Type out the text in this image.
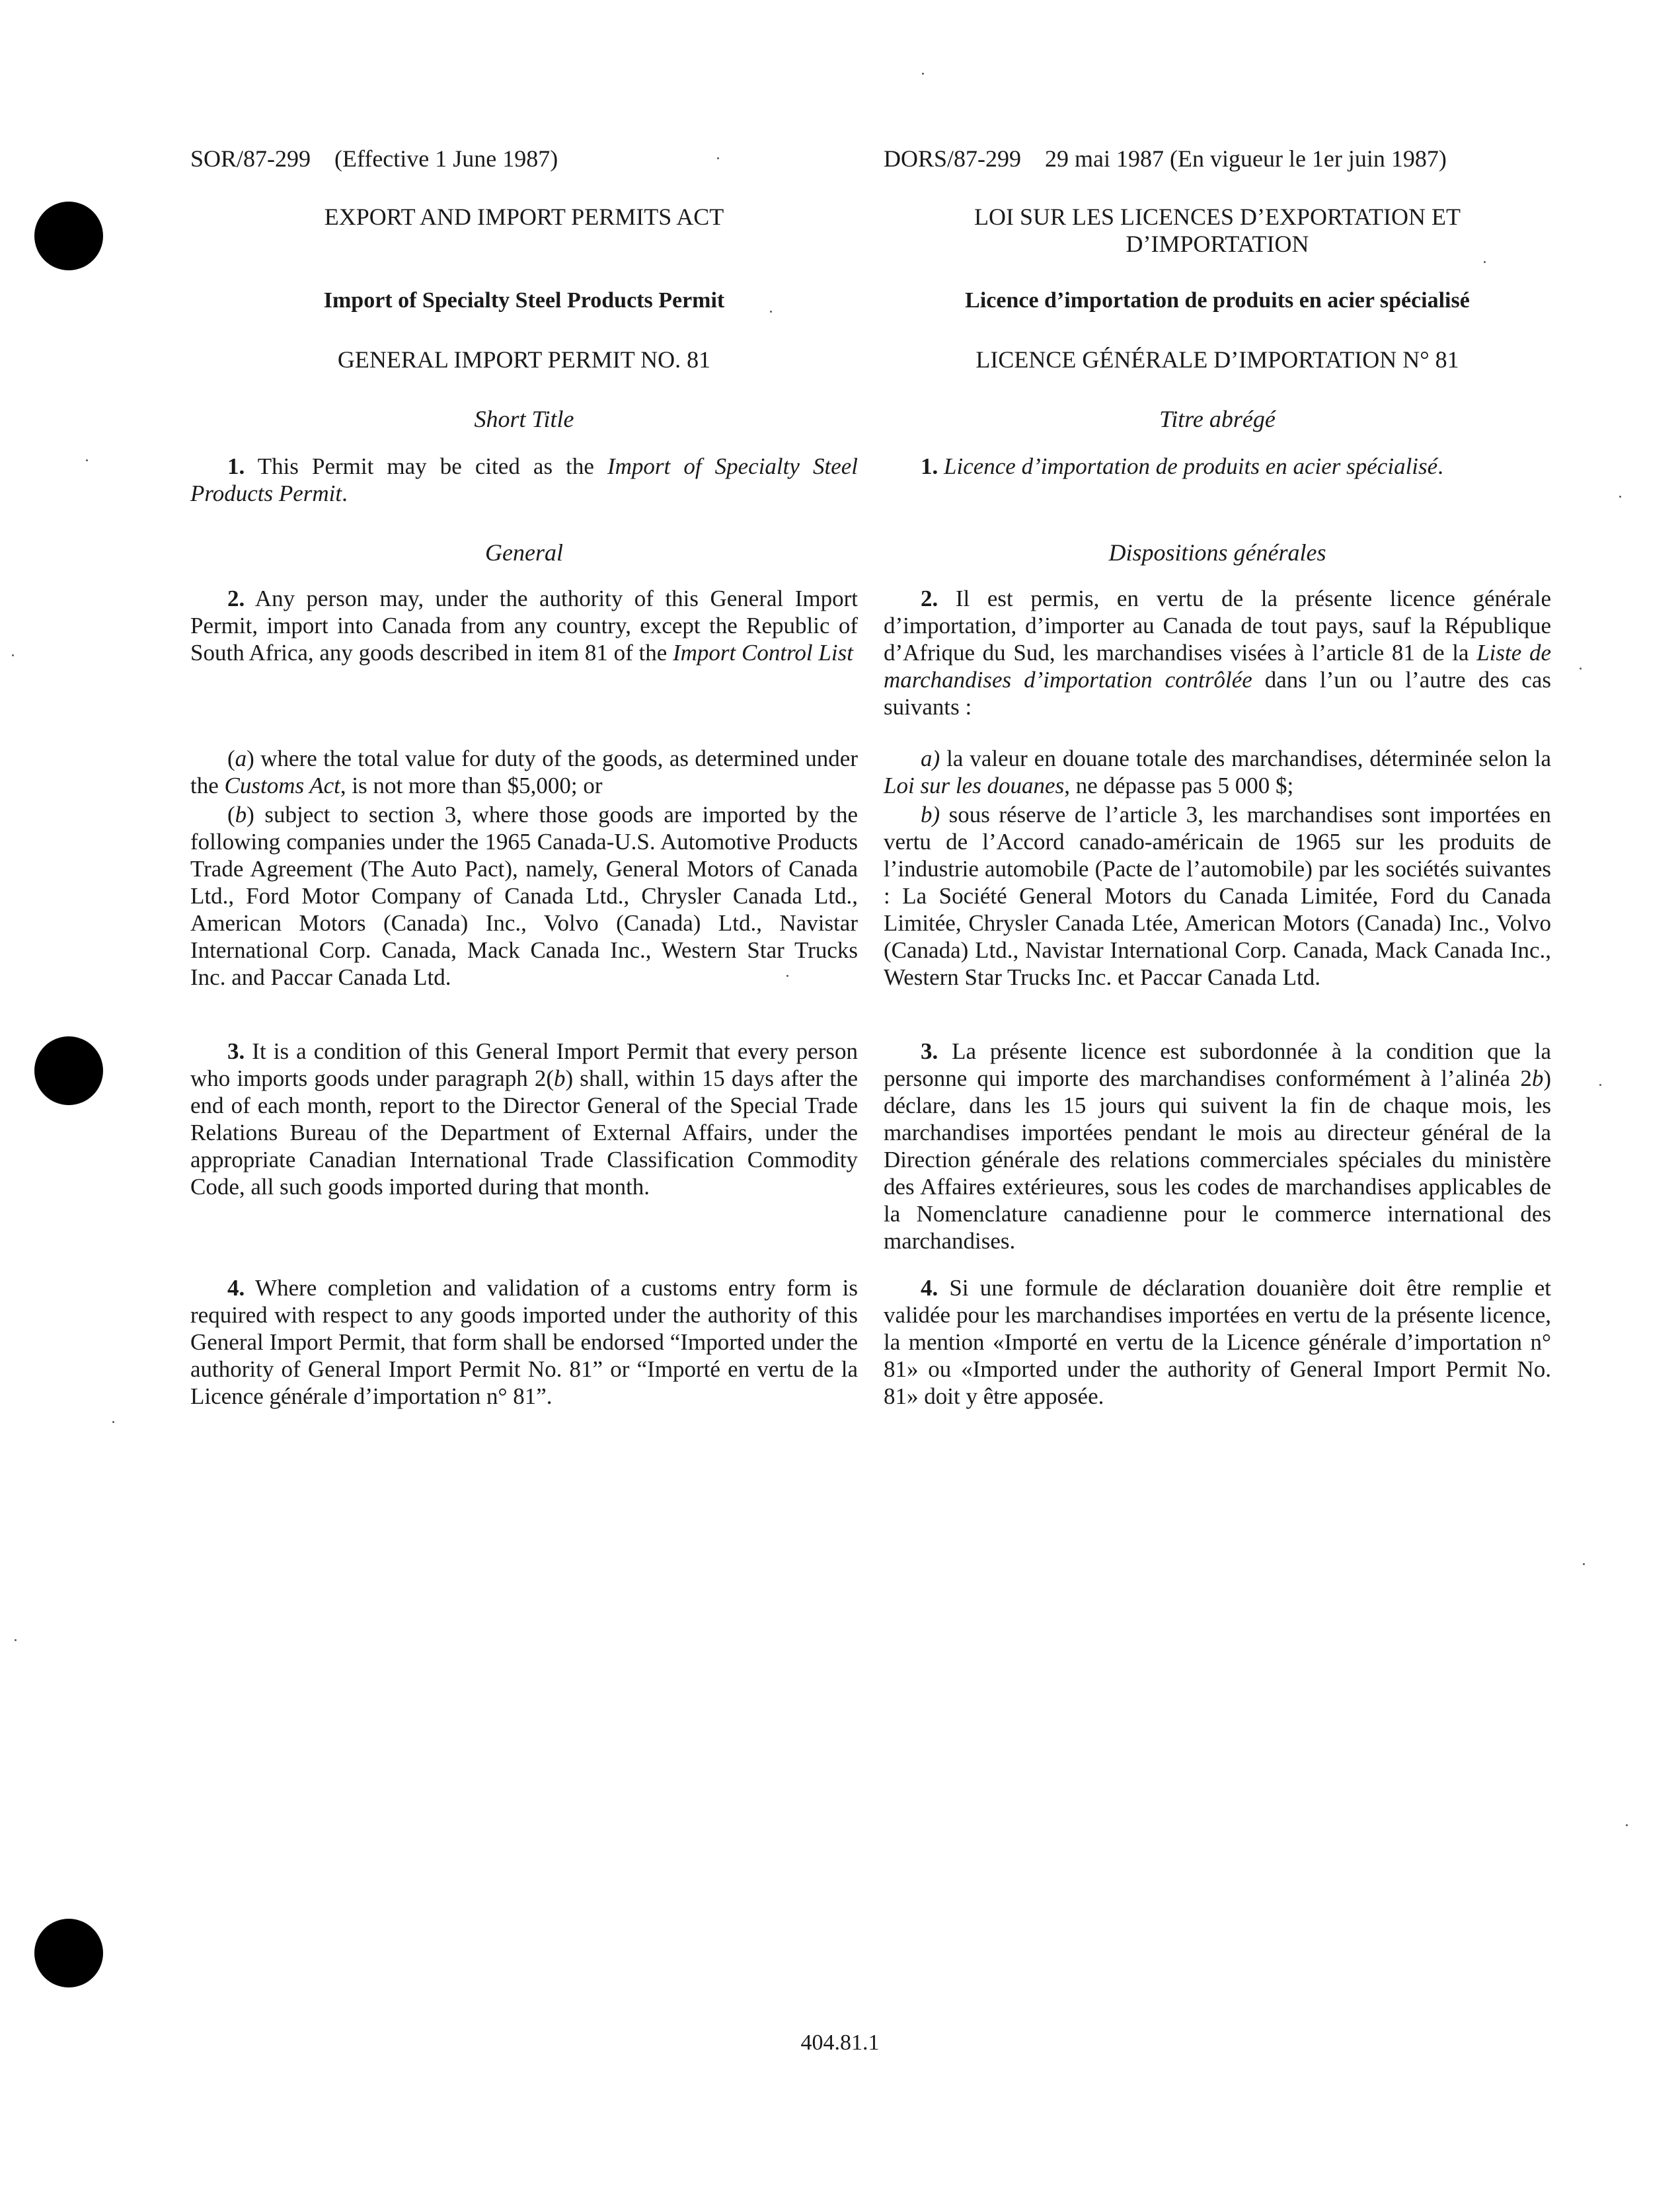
SOR/87-299 (Effective 1 June 1987)
EXPORT AND IMPORT PERMITS ACT
Import of Specialty Steel Products Permit
GENERAL IMPORT PERMIT NO. 81
Short Title

1. This Permit may be cited as the Import of Specialty Steel Products Permit.

General

2. Any person may, under the authority of this General Import Permit, import into Canada from any country, except the Republic of South Africa, any goods described in item 81 of the Import Control List

(a) where the total value for duty of the goods, as determined under the Customs Act, is not more than $5,000; or

(b) subject to section 3, where those goods are imported by the following companies under the 1965 Canada-U.S. Automotive Products Trade Agreement (The Auto Pact), namely, General Motors of Canada Ltd., Ford Motor Company of Canada Ltd., Chrysler Canada Ltd., American Motors (Canada) Inc., Volvo (Canada) Ltd., Navistar International Corp. Canada, Mack Canada Inc., Western Star Trucks Inc. and Paccar Canada Ltd.

3. It is a condition of this General Import Permit that every person who imports goods under paragraph 2(b) shall, within 15 days after the end of each month, report to the Director General of the Special Trade Relations Bureau of the Department of External Affairs, under the appropriate Canadian International Trade Classification Commodity Code, all such goods imported during that month.

4. Where completion and validation of a customs entry form is required with respect to any goods imported under the authority of this General Import Permit, that form shall be endorsed “Imported under the authority of General Import Permit No. 81” or “Importé en vertu de la Licence générale d’importation n° 81”.

DORS/87-299 29 mai 1987 (En vigueur le 1er juin 1987)
LOI SUR LES LICENCES D’EXPORTATION ET D’IMPORTATION
Licence d’importation de produits en acier spécialisé
LICENCE GÉNÉRALE D’IMPORTATION N° 81
Titre abrégé

1. Licence d’importation de produits en acier spécialisé.

Dispositions générales

2. Il est permis, en vertu de la présente licence générale d’importation, d’importer au Canada de tout pays, sauf la République d’Afrique du Sud, les marchandises visées à l’article 81 de la Liste de marchandises d’importation contrôlée dans l’un ou l’autre des cas suivants :

a) la valeur en douane totale des marchandises, déterminée selon la Loi sur les douanes, ne dépasse pas 5 000 $;

b) sous réserve de l’article 3, les marchandises sont importées en vertu de l’Accord canado-américain de 1965 sur les produits de l’industrie automobile (Pacte de l’automobile) par les sociétés suivantes : La Société General Motors du Canada Limitée, Ford du Canada Limitée, Chrysler Canada Ltée, American Motors (Canada) Inc., Volvo (Canada) Ltd., Navistar International Corp. Canada, Mack Canada Inc., Western Star Trucks Inc. et Paccar Canada Ltd.

3. La présente licence est subordonnée à la condition que la personne qui importe des marchandises conformément à l’alinéa 2b) déclare, dans les 15 jours qui suivent la fin de chaque mois, les marchandises importées pendant le mois au directeur général de la Direction générale des relations commerciales spéciales du ministère des Affaires extérieures, sous les codes de marchandises applicables de la Nomenclature canadienne pour le commerce international des marchandises.

4. Si une formule de déclaration douanière doit être remplie et validée pour les marchandises importées en vertu de la présente licence, la mention «Importé en vertu de la Licence générale d’importation n° 81» ou «Imported under the authority of General Import Permit No. 81» doit y être apposée.

404.81.1
